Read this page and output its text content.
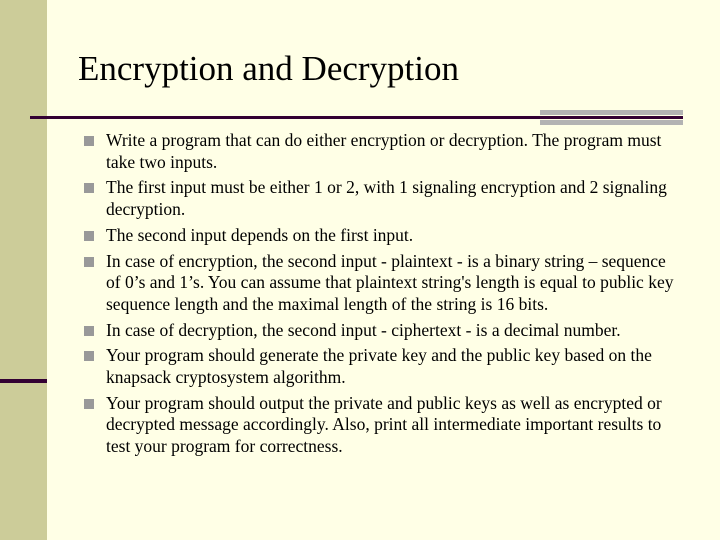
Encryption and Decryption
Write a program that can do either encryption or decryption. The program must take two inputs.
The first input must be either 1 or 2, with 1 signaling encryption and 2 signaling decryption.
The second input depends on the first input.
In case of encryption, the second input - plaintext - is a binary string – sequence of 0’s and 1’s. You can assume that plaintext string's length is equal to public key sequence length and the maximal length of the string is 16 bits.
In case of decryption, the second input - ciphertext - is a decimal number.
Your program should generate the private key and the public key based on the knapsack cryptosystem algorithm.
Your program should output the private and public keys as well as encrypted or decrypted message accordingly. Also, print all intermediate important results to test your program for correctness.
